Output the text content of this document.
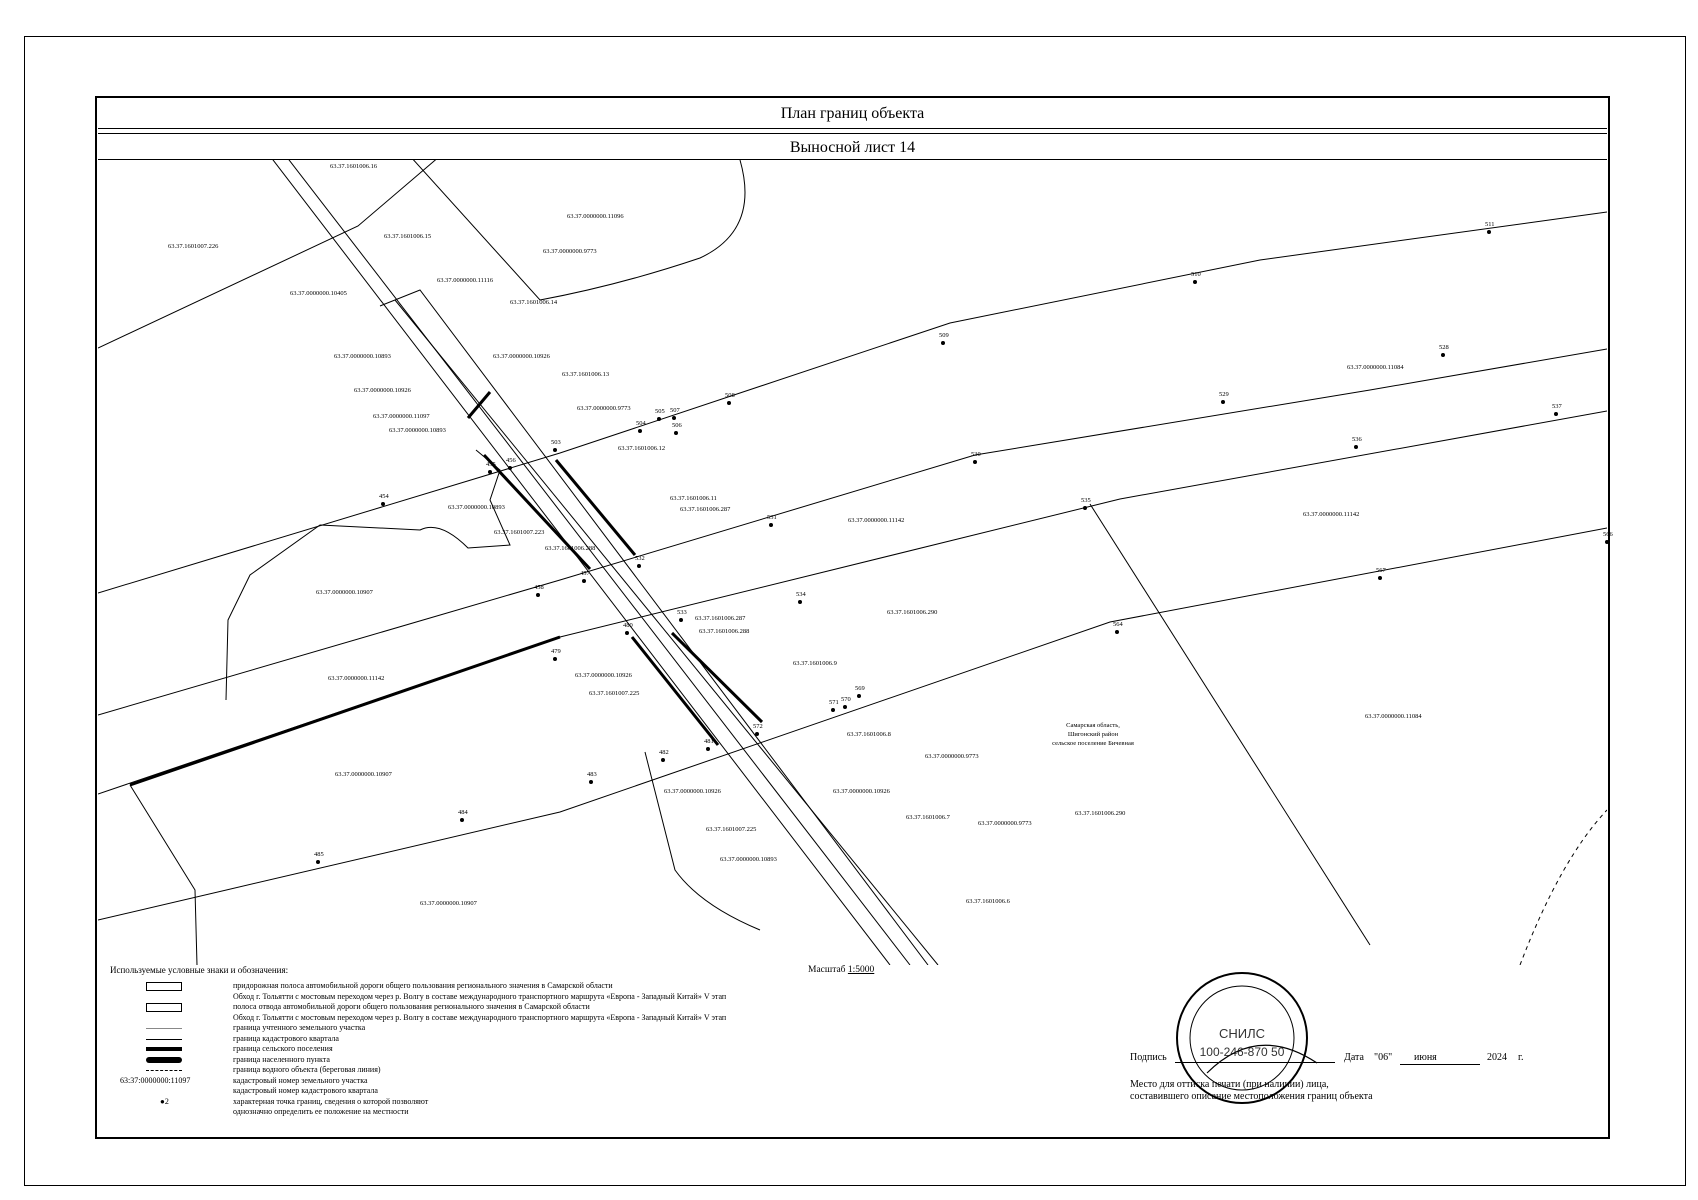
План границ объекта
Выносной лист 14
511
510
509
528
529
508
507
506
505
504
503
537
536
530
535
455
456
454
531
532
566
567
458
457
534
533
480	564
479
569
570
571
572
481
482
483
484
485
63.37.1601006.16
63.37.1601007.226
63.37.0000000.11096
63.37.1601006.15
63.37.0000000.9773
63.37.0000000.10405
63.37.0000000.11116
63.37.1601006.14
63.37.0000000.10893	63.37.0000000.10926
63.37.1601006.13
63.37.0000000.10926
63.37.0000000.9773
63.37.0000000.11097
63.37.0000000.10893
63.37.1601006.12
63.37.1601006.11
63.37.1601006.287
63.37.0000000.10893
63.37.1601007.223
63.37.1601006.288
63.37.0000000.11142
63.37.0000000.11142
63.37.0000000.11084
63.37.0000000.10907
63.37.1601006.287
63.37.1601006.288
63.37.1601006.290
63.37.1601006.9
63.37.0000000.11142	63.37.0000000.10926
63.37.1601007.225
63.37.1601006.8
63.37.0000000.9773
63.37.0000000.11084
63.37.0000000.10907
63.37.0000000.10926	63.37.0000000.10926
63.37.1601006.7
63.37.0000000.9773
63.37.1601006.290
63.37.1601007.225
63.37.0000000.10893
63.37.0000000.10907	63.37.1601006.6
Самарская область,
Шигонский район
сельское поселение Бичевная
Используемые условные знаки и обозначения:	Масштаб 1:5000
придорожная полоса автомобильной дороги общего пользования регионального значения в Самарской области
Обход г. Тольятти с мостовым переходом через р. Волгу в составе международного транспортного маршрута «Европа - Западный Китай» V этап
полоса отвода автомобильной дороги общего пользования регионального значения в Самарской области
Обход г. Тольятти с мостовым переходом через р. Волгу в составе международного транспортного маршрута «Европа - Западный Китай» V этап
граница учтенного земельного участка
граница кадастрового квартала
граница сельского поселения
граница населенного пункта
граница водного объекта (береговая линия)
63:37:0000000:11097	кадастровый номер земельного участка
кадастровый номер кадастрового квартала
●2	характерная точка границ, сведения о которой позволяют
однозначно определить ее положение на местности
СНИЛС
100-246-870 50
Подпись	Дата "06" июня	2024 г.
Место для оттиска печати (при наличии) лица,
составившего описание местоположения границ объекта
